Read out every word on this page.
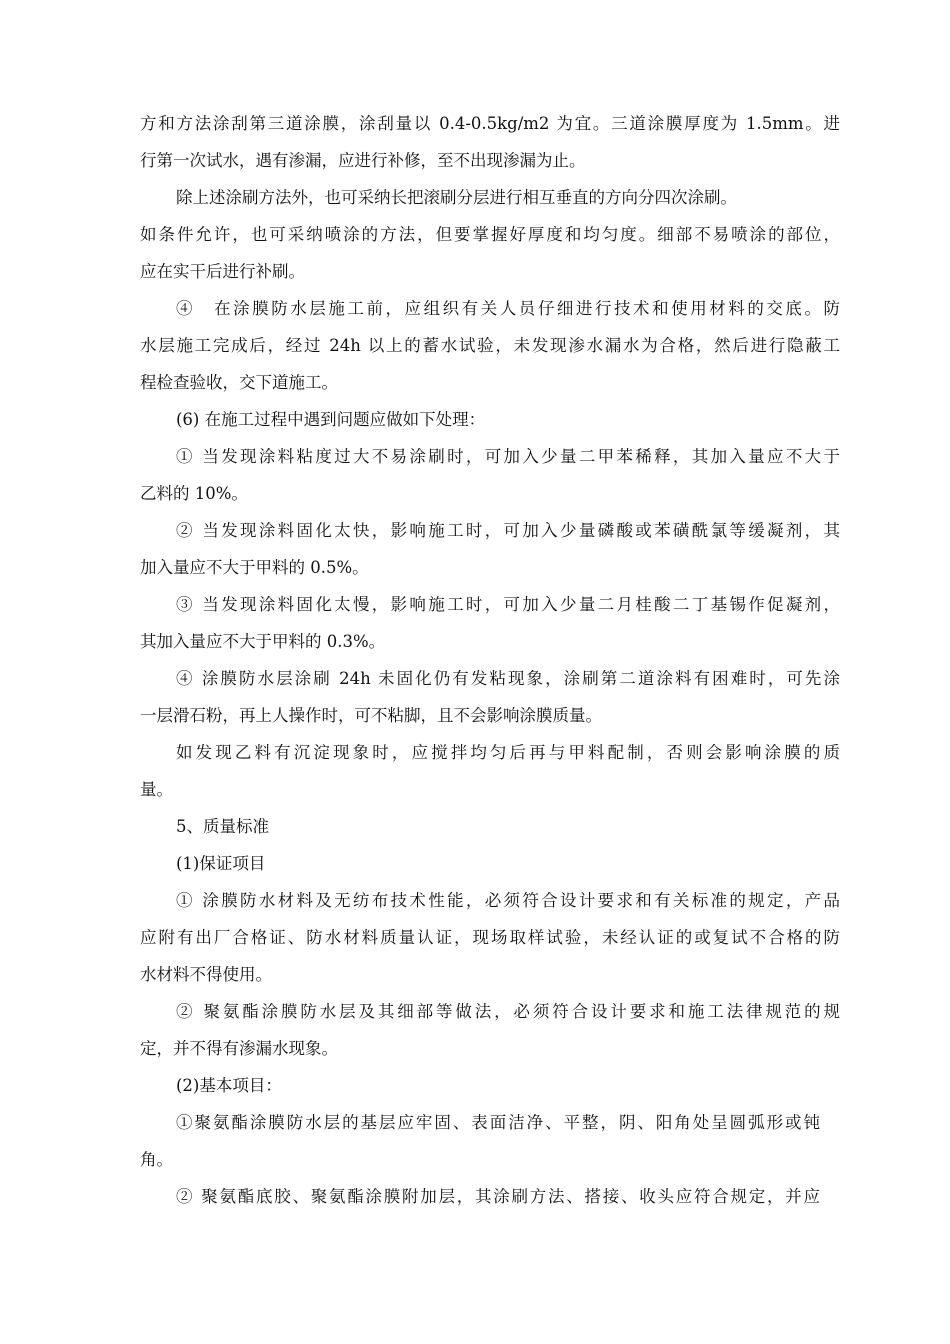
方和方法涂刮第三道涂膜，涂刮量以 0.4-0.5kg/m2 为宜。三道涂膜厚度为 1.5mm。进
行第一次试水，遇有渗漏，应进行补修，至不出现渗漏为止。
除上述涂刷方法外，也可采纳长把滚刷分层进行相互垂直的方向分四次涂刷。
如条件允许，也可采纳喷涂的方法，但要掌握好厚度和均匀度。细部不易喷涂的部位，
应在实干后进行补刷。
④　在涂膜防水层施工前，应组织有关人员仔细进行技术和使用材料的交底。防
水层施工完成后，经过 24h 以上的蓄水试验，未发现渗水漏水为合格，然后进行隐蔽工
程检查验收，交下道施工。
(6) 在施工过程中遇到问题应做如下处理：
① 当发现涂料粘度过大不易涂刷时，可加入少量二甲苯稀释，其加入量应不大于
乙料的 10%。
② 当发现涂料固化太快，影响施工时，可加入少量磷酸或苯磺酰氯等缓凝剂，其
加入量应不大于甲料的 0.5%。
③ 当发现涂料固化太慢，影响施工时，可加入少量二月桂酸二丁基锡作促凝剂，
其加入量应不大于甲料的 0.3%。
④ 涂膜防水层涂刷 24h 未固化仍有发粘现象，涂刷第二道涂料有困难时，可先涂
一层滑石粉，再上人操作时，可不粘脚，且不会影响涂膜质量。
如发现乙料有沉淀现象时，应搅拌均匀后再与甲料配制，否则会影响涂膜的质
量。
5、质量标准
(1)保证项目
① 涂膜防水材料及无纺布技术性能，必须符合设计要求和有关标准的规定，产品
应附有出厂合格证、防水材料质量认证，现场取样试验，未经认证的或复试不合格的防
水材料不得使用。
② 聚氨酯涂膜防水层及其细部等做法，必须符合设计要求和施工法律规范的规
定，并不得有渗漏水现象。
(2)基本项目：
①聚氨酯涂膜防水层的基层应牢固、表面洁净、平整，阴、阳角处呈圆弧形或钝
角。
② 聚氨酯底胶、聚氨酯涂膜附加层，其涂刷方法、搭接、收头应符合规定，并应
